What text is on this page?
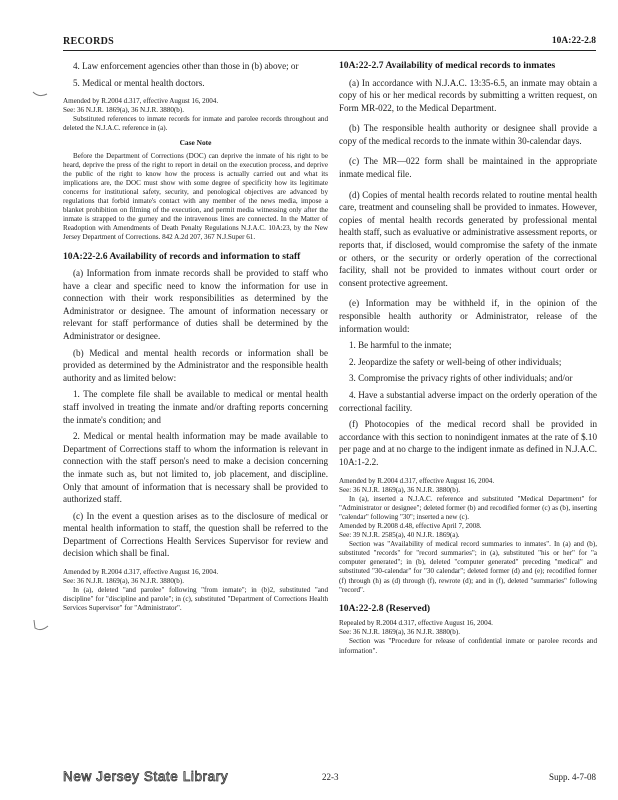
RECORDS	10A:22-2.8

4. Law enforcement agencies other than those in (b) above; or

5. Medical or mental health doctors.

Amended by R.2004 d.317, effective August 16, 2004.

See: 36 N.J.R. 1869(a), 36 N.J.R. 3880(b).

Substituted references to inmate records for inmate and parolee records throughout and deleted the N.J.A.C. reference in (a).

Case Note

Before the Department of Corrections (DOC) can deprive the inmate of his right to be heard, deprive the press of the right to report in detail on the execution process, and deprive the public of the right to know how the process is actually carried out and what its implications are, the DOC must show with some degree of specificity how its legitimate concerns for institutional safety, security, and penological objectives are advanced by regulations that forbid inmate's contact with any member of the news media, impose a blanket prohibition on filming of the execution, and permit media witnessing only after the inmate is strapped to the gurney and the intravenous lines are connected. In the Matter of Readoption with Amendments of Death Penalty Regulations N.J.A.C. 10A:23, by the New Jersey Department of Corrections. 842 A.2d 207, 367 N.J.Super 61.

10A:22-2.6 Availability of records and information to staff

(a) Information from inmate records shall be provided to staff who have a clear and specific need to know the information for use in connection with their work responsibilities as determined by the Administrator or designee. The amount of information necessary or relevant for staff performance of duties shall be determined by the Administrator or designee.

(b) Medical and mental health records or information shall be provided as determined by the Administrator and the responsible health authority and as limited below:

1. The complete file shall be available to medical or mental health staff involved in treating the inmate and/or drafting reports concerning the inmate's condition; and

2. Medical or mental health information may be made available to Department of Corrections staff to whom the information is relevant in connection with the staff person's need to make a decision concerning the inmate such as, but not limited to, job placement, and discipline. Only that amount of information that is necessary shall be provided to authorized staff.

(c) In the event a question arises as to the disclosure of medical or mental health information to staff, the question shall be referred to the Department of Corrections Health Services Supervisor for review and decision which shall be final.

Amended by R.2004 d.317, effective August 16, 2004.

See: 36 N.J.R. 1869(a), 36 N.J.R. 3880(b).

In (a), deleted "and parolee" following "from inmate"; in (b)2, substituted "and discipline" for "discipline and parole"; in (c), substituted "Department of Corrections Health Services Supervisor" for "Administrator".

10A:22-2.7 Availability of medical records to inmates

(a) In accordance with N.J.A.C. 13:35-6.5, an inmate may obtain a copy of his or her medical records by submitting a written request, on Form MR-022, to the Medical Department.

(b) The responsible health authority or designee shall provide a copy of the medical records to the inmate within 30-calendar days.

(c) The MR—022 form shall be maintained in the appropriate inmate medical file.

(d) Copies of mental health records related to routine mental health care, treatment and counseling shall be provided to inmates. However, copies of mental health records generated by professional mental health staff, such as evaluative or administrative assessment reports, or reports that, if disclosed, would compromise the safety of the inmate or others, or the security or orderly operation of the correctional facility, shall not be provided to inmates without court order or consent protective agreement.

(e) Information may be withheld if, in the opinion of the responsible health authority or Administrator, release of the information would:

1. Be harmful to the inmate;

2. Jeopardize the safety or well-being of other individuals;

3. Compromise the privacy rights of other individuals; and/or

4. Have a substantial adverse impact on the orderly operation of the correctional facility.

(f) Photocopies of the medical record shall be provided in accordance with this section to nonindigent inmates at the rate of $.10 per page and at no charge to the indigent inmate as defined in N.J.A.C. 10A:1-2.2.

Amended by R.2004 d.317, effective August 16, 2004.

See: 36 N.J.R. 1869(a), 36 N.J.R. 3880(b).

In (a), inserted a N.J.A.C. reference and substituted "Medical Department" for "Administrator or designee"; deleted former (b) and recodified former (c) as (b), inserting "calendar" following "30"; inserted a new (c).

Amended by R.2008 d.48, effective April 7, 2008.

See: 39 N.J.R. 2585(a), 40 N.J.R. 1869(a).

Section was "Availability of medical record summaries to inmates". In (a) and (b), substituted "records" for "record summaries"; in (a), substituted "his or her" for "a computer generated"; in (b), deleted "computer generated" preceding "medical" and substituted "30-calendar" for "30 calendar"; deleted former (d) and (e); recodified former (f) through (h) as (d) through (f), rewrote (d); and in (f), deleted "summaries" following "record".

10A:22-2.8 (Reserved)

Repealed by R.2004 d.317, effective August 16, 2004.

See: 36 N.J.R. 1869(a), 36 N.J.R. 3880(b).

Section was "Procedure for release of confidential inmate or parolee records and information".

New Jersey State Library	22-3	Supp. 4-7-08
